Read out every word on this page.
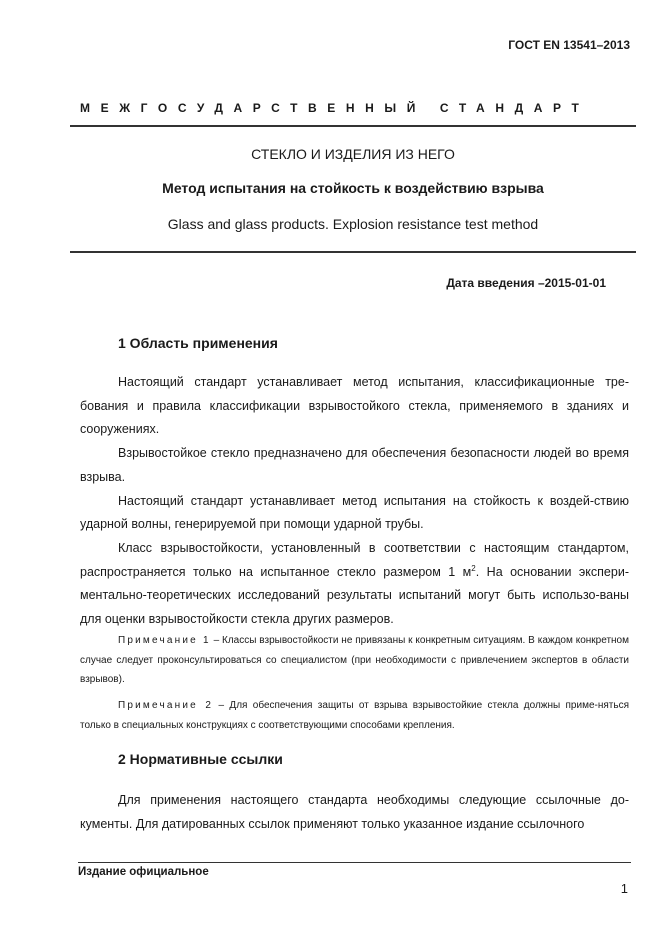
ГОСТ EN 13541–2013
МЕЖГОСУДАРСТВЕННЫЙ СТАНДАРТ
СТЕКЛО И ИЗДЕЛИЯ ИЗ НЕГО
Метод испытания на стойкость к воздействию взрыва
Glass and glass products. Explosion resistance test method
Дата введения –2015-01-01
1 Область применения

Настоящий стандарт устанавливает метод испытания, классификационные тре-бования и правила классификации взрывостойкого стекла, применяемого в зданиях и сооружениях.

Взрывостойкое стекло предназначено для обеспечения безопасности людей во время взрыва.

Настоящий стандарт устанавливает метод испытания на стойкость к воздей-ствию ударной волны, генерируемой при помощи ударной трубы.

Класс взрывостойкости, установленный в соответствии с настоящим стандартом, распространяется только на испытанное стекло размером 1 $м^2$. На основании экспери-ментально-теоретических исследований результаты испытаний могут быть использо-ваны для оценки взрывостойкости стекла других размеров.

Примечание 1 – Классы взрывостойкости не привязаны к конкретным ситуациям. В каждом конкретном случае следует проконсультироваться со специалистом (при необходимости с привлечением экспертов в области взрывов).

Примечание 2 – Для обеспечения защиты от взрыва взрывостойкие стекла должны приме-няться только в специальных конструкциях с соответствующими способами крепления.

2 Нормативные ссылки

Для применения настоящего стандарта необходимы следующие ссылочные до-кументы. Для датированных ссылок применяют только указанное издание ссылочного

Издание официальное
1
